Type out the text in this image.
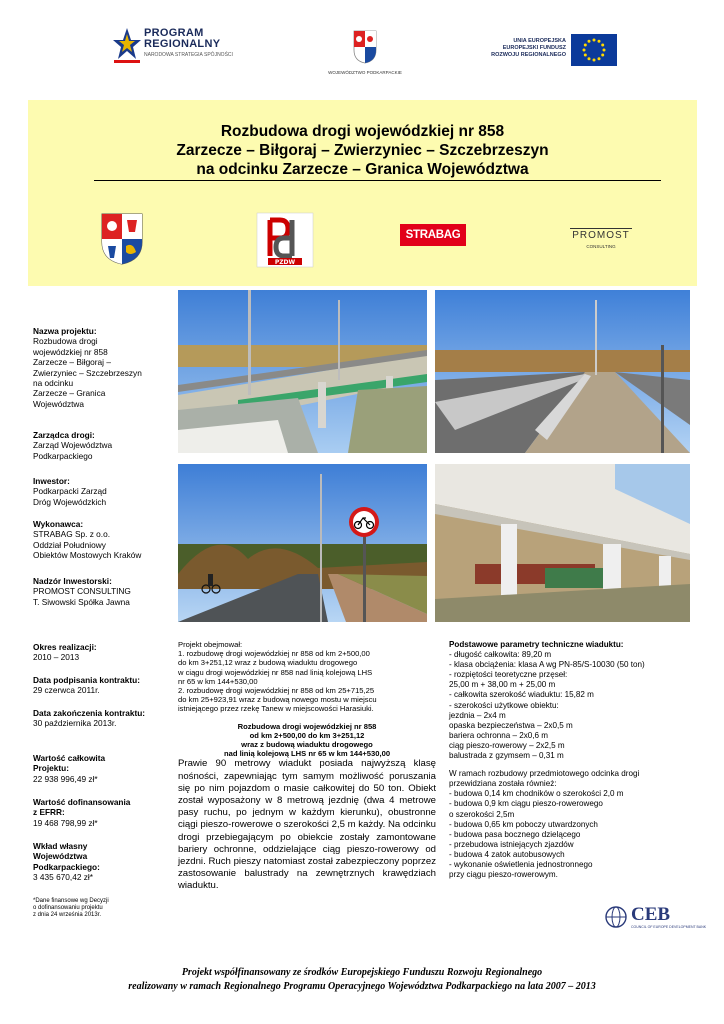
PROGRAM
REGIONALNY
NARODOWA STRATEGIA SPÓJNOŚCI
WOJEWÓDZTWO PODKARPACKIE
UNIA EUROPEJSKA
EUROPEJSKI FUNDUSZ
ROZWOJU REGIONALNEGO
Rozbudowa drogi wojewódzkiej nr 858
Zarzecze – Biłgoraj – Zwierzyniec – Szczebrzeszyn
na odcinku Zarzecze – Granica Województwa
PZDW
STRABAG	PROMOST
CONSULTING
Nazwa projektu:
Rozbudowa drogi
wojewódzkiej nr 858
Zarzecze – Biłgoraj –
Zwierzyniec – Szczebrzeszyn
na odcinku
Zarzecze – Granica
Województwa
Zarządca drogi:
Zarząd Województwa
Podkarpackiego
Inwestor:
Podkarpacki Zarząd
Dróg Wojewódzkich
Wykonawca:
STRABAG Sp. z o.o.
Oddział Południowy
Obiektów Mostowych Kraków
Nadzór Inwestorski:
PROMOST CONSULTING
T. Siwowski Spółka Jawna
Okres realizacji:
2010 – 2013
Data podpisania kontraktu:
29 czerwca 2011r.
Data zakończenia kontraktu:
30 października 2013r.
Wartość całkowita
Projektu:
22 938 996,49 zł*
Wartość dofinansowania
z EFRR:
19 468 798,99 zł*
Wkład własny
Województwa
Podkarpackiego:
3 435 670,42 zł*
*Dane finansowe wg Decyzji
o dofinansowaniu projektu
z dnia 24 września 2013r.
Projekt obejmował:
1. rozbudowę drogi wojewódzkiej nr 858 od km 2+500,00
do km 3+251,12 wraz z budową wiaduktu drogowego
w ciągu drogi wojewódzkiej nr 858 nad linią kolejową LHS
nr 65 w km 144+530,00
2. rozbudowę drogi wojewódzkiej nr 858 od km 25+715,25
do km 25+923,91 wraz z budową nowego mostu w miejscu
istniejącego przez rzekę Tanew w miejscowości Harasiuki.
Rozbudowa drogi wojewódzkiej nr 858
od km 2+500,00 do km 3+251,12
wraz z budową wiaduktu drogowego
nad linią kolejową LHS nr 65 w km 144+530,00
Prawie 90 metrowy wiadukt posiada najwyższą klasę nośności, zapewniając tym samym możliwość poruszania się po nim pojazdom o masie całkowitej do 50 ton. Obiekt został wyposażony w 8 metrową jezdnię (dwa 4 metrowe pasy ruchu, po jednym w każdym kierunku), obustronne ciągi pieszo-rowerowe o szerokości 2,5 m każdy. Na odcinku drogi przebiegającym po obiekcie zostały zamontowane bariery ochronne, oddzielające ciąg pieszo-rowerowy od jezdni. Ruch pieszy natomiast został zabezpieczony poprzez zastosowanie balustrady na zewnętrznych krawędziach wiaduktu.
Podstawowe parametry techniczne wiaduktu:
- długość całkowita: 89,20 m
- klasa obciążenia: klasa A wg PN-85/S-10030 (50 ton)
- rozpiętości teoretyczne przęseł:
25,00 m + 38,00 m + 25,00 m
- całkowita szerokość wiaduktu: 15,82 m
- szerokości użytkowe obiektu:
jezdnia – 2x4 m
opaska bezpieczeństwa – 2x0,5 m
bariera ochronna – 2x0,6 m
ciąg pieszo-rowerowy – 2x2,5 m
balustrada z gzymsem – 0,31 m
W ramach rozbudowy przedmiotowego odcinka drogi
przewidziana została również:
- budowa 0,14 km chodników o szerokości 2,0 m
- budowa 0,9 km ciągu pieszo-rowerowego
o szerokości 2,5m
- budowa 0,65 km poboczy utwardzonych
- budowa pasa bocznego dzielącego
- przebudowa istniejących zjazdów
- budowa 4 zatok autobusowych
- wykonanie oświetlenia jednostronnego
przy ciągu pieszo-rowerowym.
CEB
COUNCIL OF EUROPE DEVELOPMENT BANK
Projekt współfinansowany ze środków Europejskiego Funduszu Rozwoju Regionalnego
realizowany w ramach Regionalnego Programu Operacyjnego Województwa Podkarpackiego na lata 2007 – 2013
